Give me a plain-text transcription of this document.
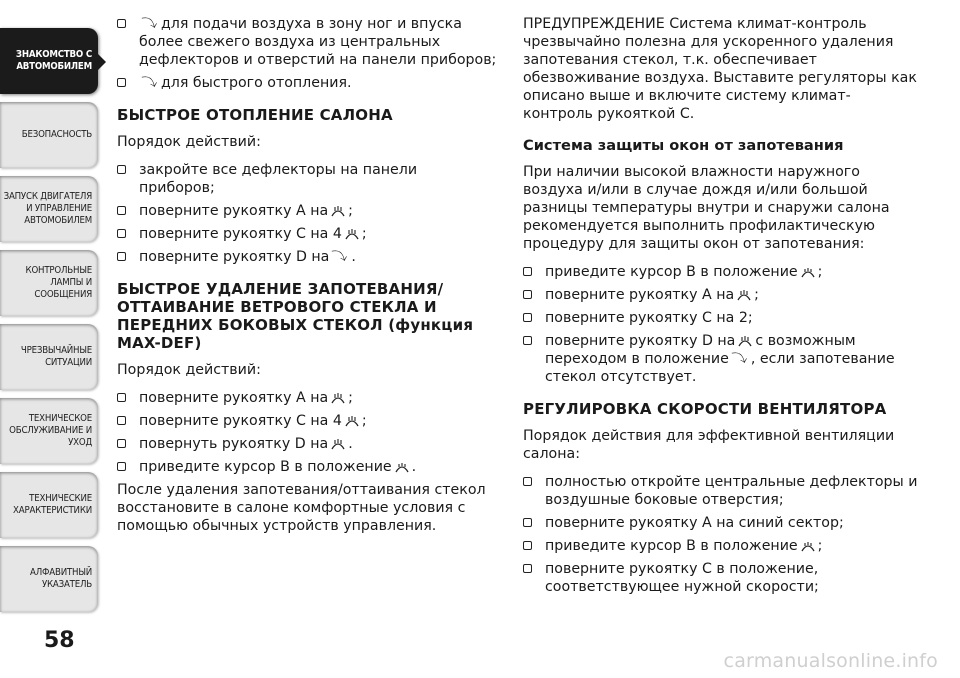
ЗНАКОМСТВО С
АВТОМОБИЛЕМ
БЕЗОПАСНОСТЬ
ЗАПУСК ДВИГАТЕЛЯ
И УПРАВЛЕНИЕ
АВТОМОБИЛЕМ
КОНТРОЛЬНЫЕ
ЛАМПЫ И
СООБЩЕНИЯ
ЧРЕЗВЫЧАЙНЫЕ
СИТУАЦИИ
ТЕХНИЧЕСКОЕ
ОБСЛУЖИВАНИЕ И
УХОД
ТЕХНИЧЕСКИЕ
ХАРАКТЕРИСТИКИ
АЛФАВИТНЫЙ
УКАЗАТЕЛЬ
58
⤵ для подачи воздуха в зону ног и впуска более свежего воздуха из центральных дефлекторов и отверстий на панели приборов;
⤵ для быстрого отопления.
БЫСТРОЕ ОТОПЛЕНИЕ САЛОНА

Порядок действий:

закройте все дефлекторы на панели приборов;
поверните рукоятку A на ;
поверните рукоятку C на 4 ;
поверните рукоятку D на ⤵ .
БЫСТРОЕ УДАЛЕНИЕ ЗАПОТЕВАНИЯ/ ОТТАИВАНИЕ ВЕТРОВОГО СТЕКЛА И ПЕРЕДНИХ БОКОВЫХ СТЕКОЛ (функция MAX-DEF)

Порядок действий:

поверните рукоятку A на ;
поверните рукоятку C на 4 ;
повернуть рукоятку D на .
приведите курсор B в положение .

После удаления запотевания/оттаивания стекол восстановите в салоне комфортные условия с помощью обычных устройств управления.

ПРЕДУПРЕЖДЕНИЕ Система климат-контроль чрезвычайно полезна для ускоренного удаления запотевания стекол, т.к. обеспечивает обезвоживание воздуха. Выставите регуляторы как описано выше и включите систему климат-контроль рукояткой C.

Система защиты окон от запотевания

При наличии высокой влажности наружного воздуха и/или в случае дождя и/или большой разницы температуры внутри и снаружи салона рекомендуется выполнить профилактическую процедуру для защиты окон от запотевания:

приведите курсор B в положение ;
поверните рукоятку A на ;
поверните рукоятку C на 2;
поверните рукоятку D на с возможным переходом в положение ⤵ , если запотевание стекол отсутствует.
РЕГУЛИРОВКА СКОРОСТИ ВЕНТИЛЯТОРА

Порядок действия для эффективной вентиляции салона:

полностью откройте центральные дефлекторы и воздушные боковые отверстия;
поверните рукоятку A на синий сектор;
приведите курсор B в положение ;
поверните рукоятку C в положение, соответствующее нужной скорости;
carmanualsonline.info
